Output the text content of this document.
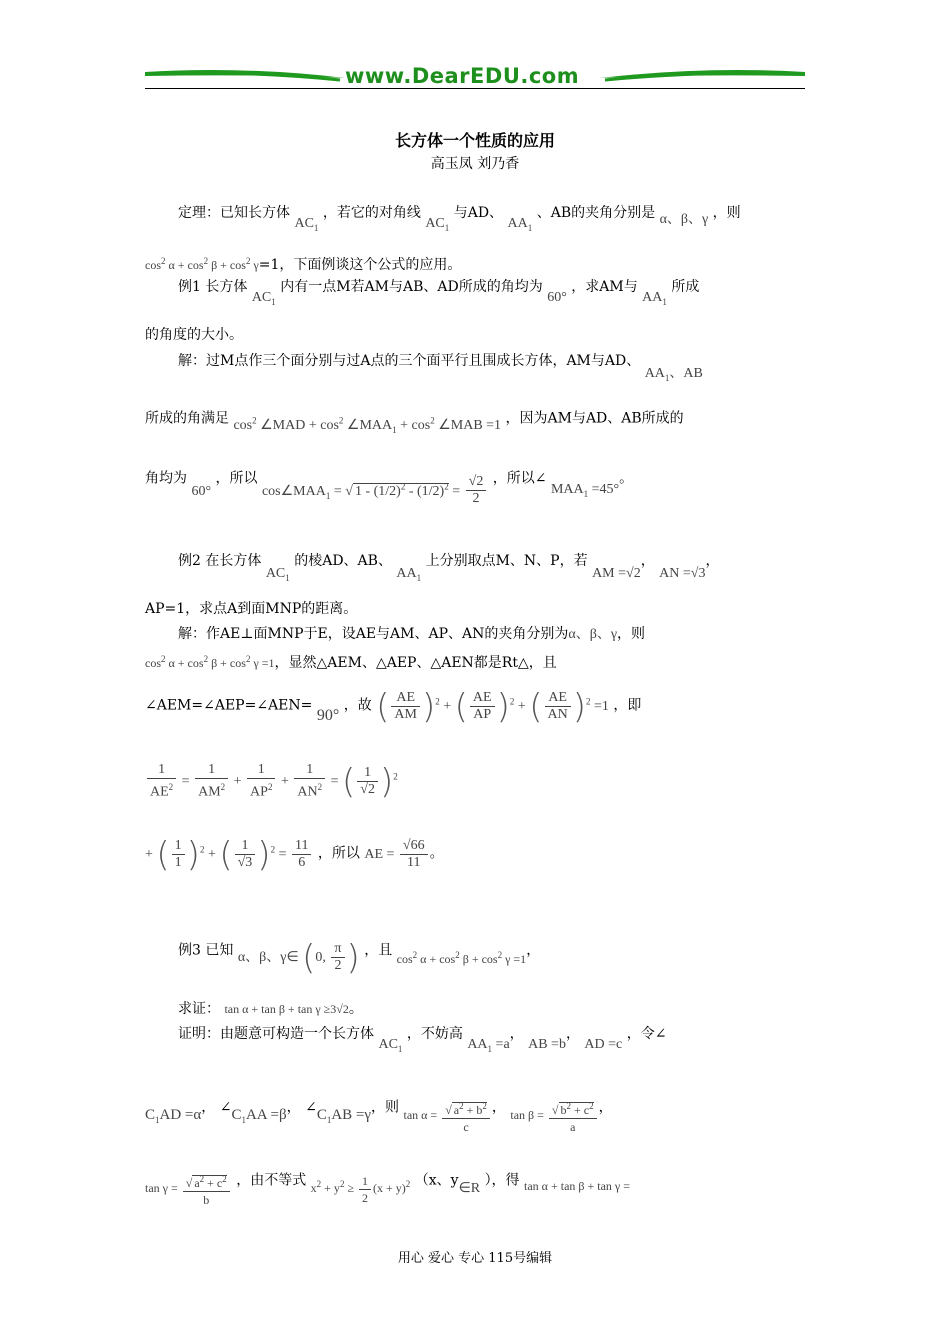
www.DearEDU.com
长方体一个性质的应用
高玉凤 刘乃香
定理：已知长方体 $AC_1$ ，若它的对角线 $AC_1$ 与AD、 $AA_1$ 、AB的夹角分别是 α、β、γ ，则
$\cos^2 \alpha + \cos^2 \beta + \cos^2 \gamma=1$，下面例谈这个公式的应用。
例1 长方体 $AC_1$ 内有一点M若AM与AB、AD所成的角均为 60° ，求AM与 $AA_1$ 所成
的角度的大小。
解：过M点作三个面分别与过A点的三个面平行且围成长方体，AM与AD、 $AA_1$、AB
所成的角满足 $\cos^2$ ∠MAD + $\cos^2$ $\angle MAA_1 + \cos^2$ ∠MAB =1 ，因为AM与AD、AB所成的
角均为 60° ，所以 $\cos\angle MAA_1$ = √ $1 - (1/2)^2 - (1/2)^2 = \frac{√2}{2}$ ，所以∠ $MAA_1 =45^\circ$。
例2 在长方体 $AC_1$ 的棱AD、AB、 $AA_1$ 上分别取点M、N、P，若 AM =√2， AN =√3，
AP=1，求点A到面MNP的距离。
解：作AE⊥面MNP于E，设AE与AM、AP、AN的夹角分别为α、β、γ，则
$\cos^2 \alpha + \cos^2 \beta + \cos^2 \gamma =1$，显然△AEM、△AEP、△AEN都是Rt△，且
∠AEM=∠AEP=∠AEN= 90° ，故 ( $\frac{AE}{AM} )^2$ + ( $\frac{AE}{AP} )^2$ + ( $\frac{AE}{AN} )^2 =1$ ，即
$\frac{1}{AE^2} = \frac{1}{AM^2} + \frac{1}{AP^2} + \frac{1}{AN^2}$ = ( $\frac{1}{√2} )^2$
+ ( $\frac{1}{1} )^2$ + ( $\frac{1}{√3} )^2 = \frac{11}{6}$ ，所以 AE = $\frac{√66}{11}$ 。
例3 已知 α、β、γ∈ (0, $\frac{\pi}{2}$ ) ，且 $\cos^2 \alpha + \cos^2 \beta + \cos^2 \gamma =1$，
求证： tan α + tan β + tan γ ≥3√2。
证明：由题意可构造一个长方体 $AC_1$ ，不妨高 $AA_1 =a$， AB =b， AD =c ，令∠
$C_1AD =\alpha$， $\angle C_1AA =\beta$， $\angle C_1AB =\gamma$，则 $\tan \alpha = \frac{√ a^2 + b^2}{c}$ ， $\tan \beta = \frac{√ b^2 + c^2}{a}$ ，
$\tan \gamma = \frac{√ a^2 + c^2}{b}$ ，由不等式 $x^2 + y^2 \ge \frac{1}{2} (x + y)^2$ （x、y∈R ），得 tan α + tan β + tan γ =
用心 爱心 专心 115号编辑
